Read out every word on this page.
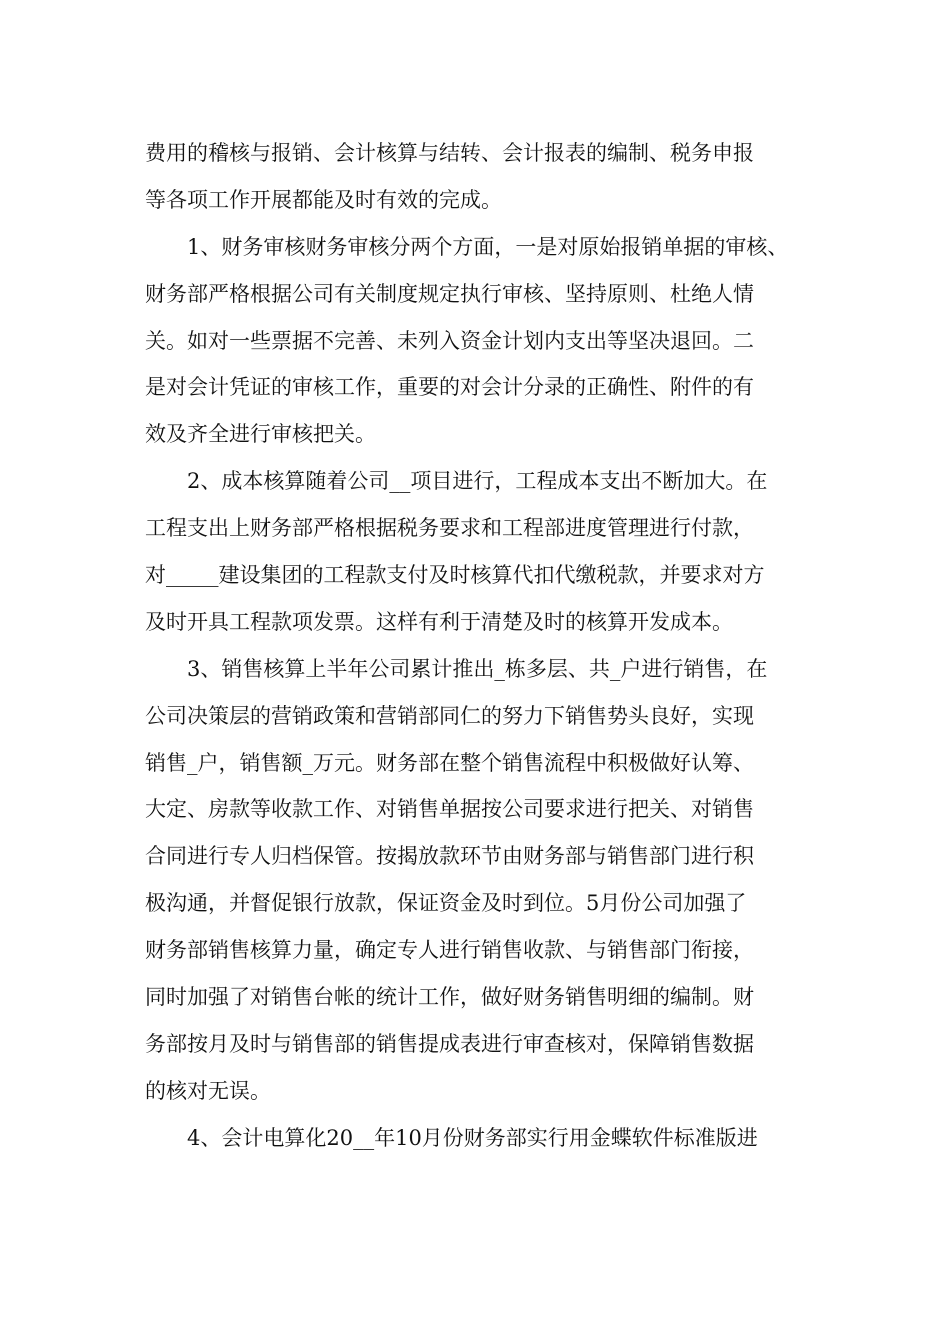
费用的稽核与报销、会计核算与结转、会计报表的编制、税务申报
等各项工作开展都能及时有效的完成。
1、财务审核财务审核分两个方面，一是对原始报销单据的审核、
财务部严格根据公司有关制度规定执行审核、坚持原则、杜绝人情
关。如对一些票据不完善、未列入资金计划内支出等坚决退回。二
是对会计凭证的审核工作，重要的对会计分录的正确性、附件的有
效及齐全进行审核把关。
2、成本核算随着公司__项目进行，工程成本支出不断加大。在
工程支出上财务部严格根据税务要求和工程部进度管理进行付款，
对_____建设集团的工程款支付及时核算代扣代缴税款，并要求对方
及时开具工程款项发票。这样有利于清楚及时的核算开发成本。
3、销售核算上半年公司累计推出_栋多层、共_户进行销售，在
公司决策层的营销政策和营销部同仁的努力下销售势头良好，实现
销售_户，销售额_万元。财务部在整个销售流程中积极做好认筹、
大定、房款等收款工作、对销售单据按公司要求进行把关、对销售
合同进行专人归档保管。按揭放款环节由财务部与销售部门进行积
极沟通，并督促银行放款，保证资金及时到位。5月份公司加强了
财务部销售核算力量，确定专人进行销售收款、与销售部门衔接，
同时加强了对销售台帐的统计工作，做好财务销售明细的编制。财
务部按月及时与销售部的销售提成表进行审查核对，保障销售数据
的核对无误。
4、会计电算化20__年10月份财务部实行用金蝶软件标准版进
